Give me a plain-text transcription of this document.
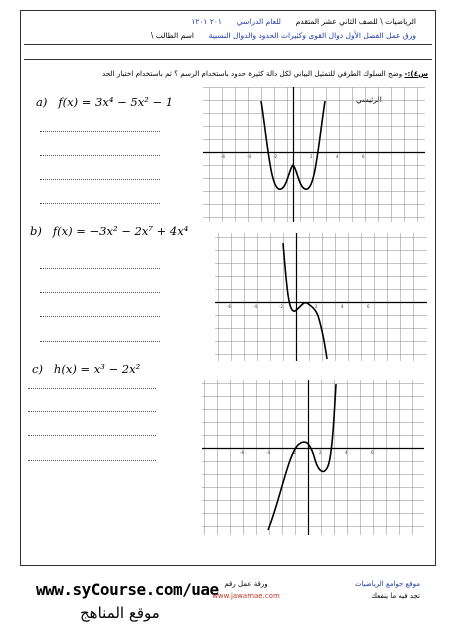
الرياضيات \ للصف الثاني عشر المتقدم  للعام الدراسي  ٢٠١ ١٢٠١
ورق عمل الفصل الأول دوال القوى وكثيرات الحدود والدوال النسبية  اسم الطالب \
س٤):- وضح السلوك الطرفي للتمثيل البياني لكل دالة كثيرة حدود باستخدام الرسم ؟ ثم باستخدام اختبار الحد
a) f(x) = 3x⁴ − 5x² − 1	الرئيسي
-6	-4	-2	2	4	6
b) f(x) = −3x² − 2x⁷ + 4x⁴
-6	-4	-2	2	4	6
c) h(x) = x³ − 2x²
-6	-4	-2	2	4	6
www.syCourse.com/uae
موقع المناهج
ورقة عمل رقم
www.jawamae.com
موقع جوامع الرياضيات
تجد فيه ما ينفعك
